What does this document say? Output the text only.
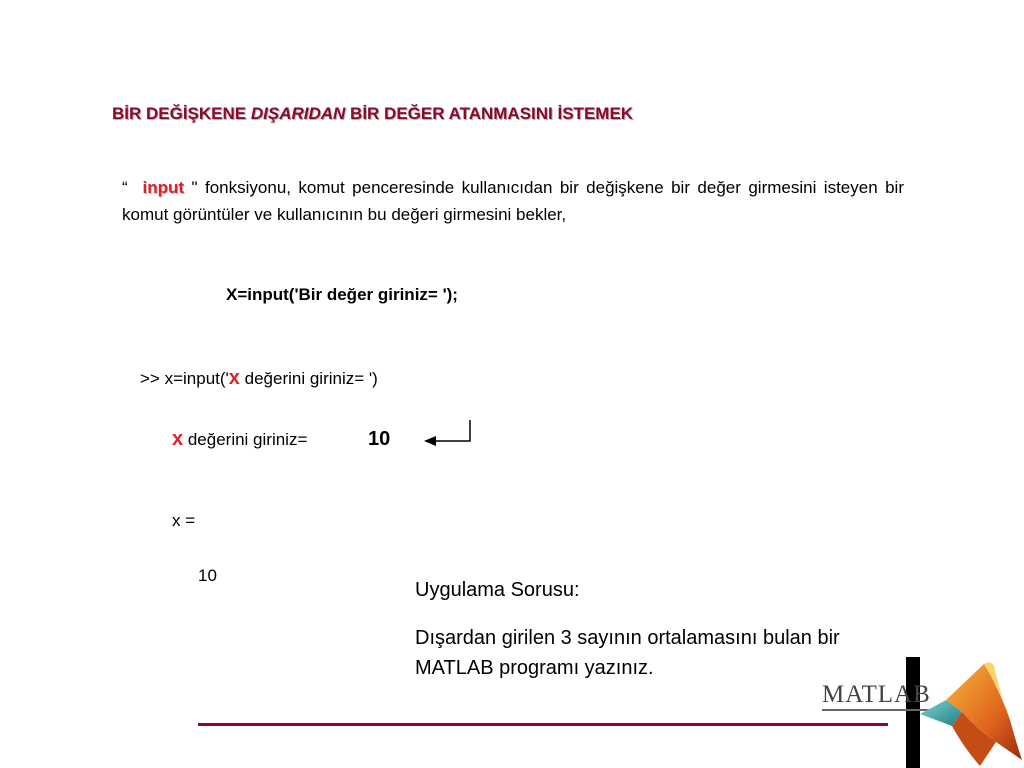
BİR DEĞİŞKENE DIŞARIDAN BİR DEĞER ATANMASINI İSTEMEK
“ input " fonksiyonu, komut penceresinde kullanıcıdan bir değişkene bir değer girmesini isteyen bir komut görüntüler ve kullanıcının bu değeri girmesini bekler,
X=input('Bir değer giriniz= ');
>> x=input('x değerini giriniz= ')
x değerini giriniz=	10
x =
10
Uygulama Sorusu:
Dışardan girilen 3 sayının ortalamasını bulan bir MATLAB programı yazınız.
MATLAB
